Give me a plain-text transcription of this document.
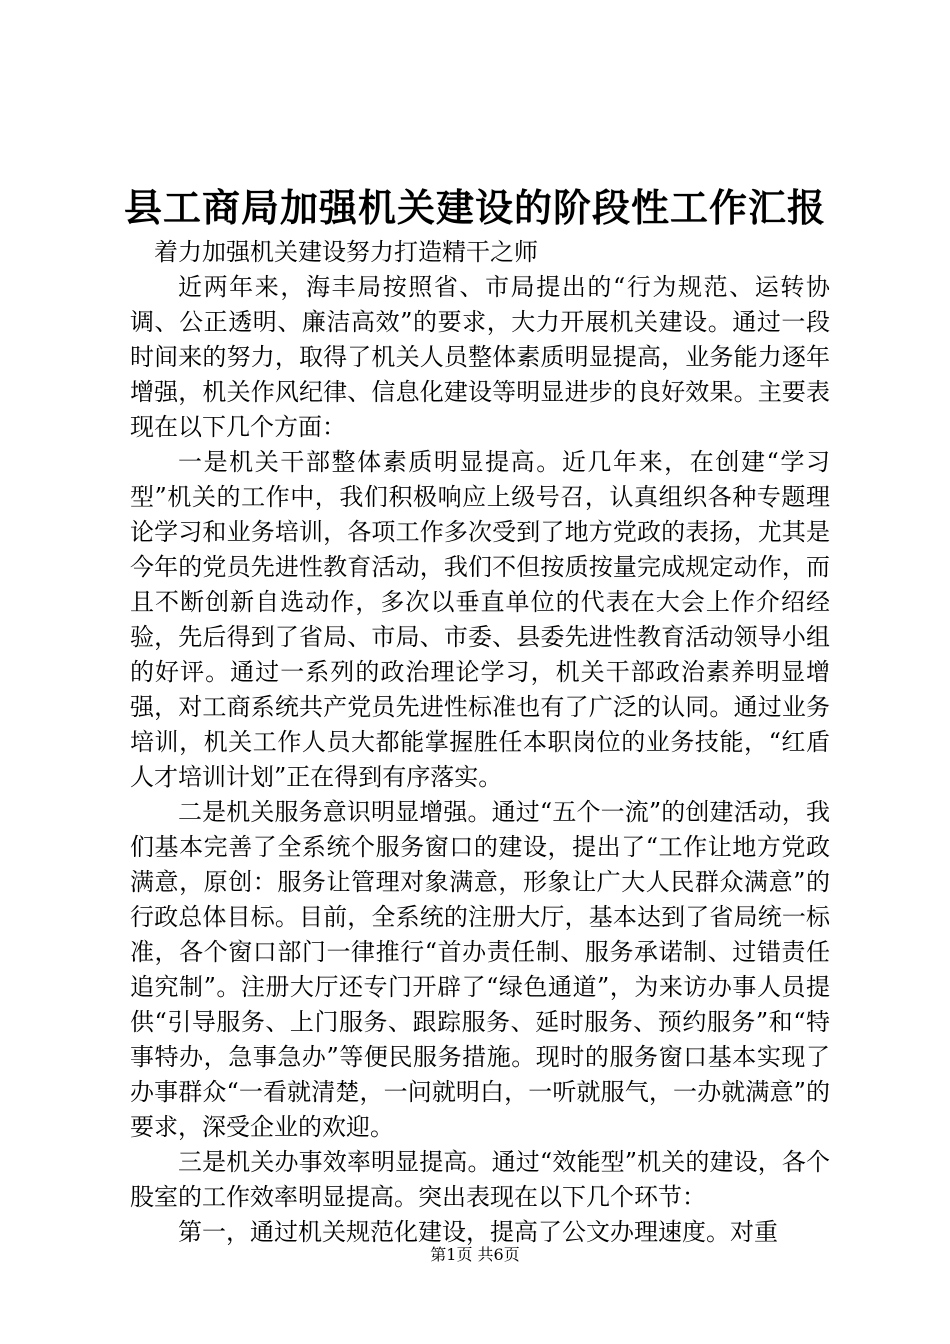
县工商局加强机关建设的阶段性工作汇报

着力加强机关建设努力打造精干之师

近两年来，海丰局按照省、市局提出的“行为规范、运转协调、公正透明、廉洁高效”的要求，大力开展机关建设。通过一段时间来的努力，取得了机关人员整体素质明显提高，业务能力逐年增强，机关作风纪律、信息化建设等明显进步的良好效果。主要表现在以下几个方面：

一是机关干部整体素质明显提高。近几年来，在创建“学习型”机关的工作中，我们积极响应上级号召，认真组织各种专题理论学习和业务培训，各项工作多次受到了地方党政的表扬，尤其是今年的党员先进性教育活动，我们不但按质按量完成规定动作，而且不断创新自选动作，多次以垂直单位的代表在大会上作介绍经验，先后得到了省局、市局、市委、县委先进性教育活动领导小组的好评。通过一系列的政治理论学习，机关干部政治素养明显增强，对工商系统共产党员先进性标准也有了广泛的认同。通过业务培训，机关工作人员大都能掌握胜任本职岗位的业务技能，“红盾人才培训计划”正在得到有序落实。

二是机关服务意识明显增强。通过“五个一流”的创建活动，我们基本完善了全系统个服务窗口的建设，提出了“工作让地方党政满意，原创：服务让管理对象满意，形象让广大人民群众满意”的行政总体目标。目前，全系统的注册大厅，基本达到了省局统一标准，各个窗口部门一律推行“首办责任制、服务承诺制、过错责任追究制”。注册大厅还专门开辟了“绿色通道”，为来访办事人员提供“引导服务、上门服务、跟踪服务、延时服务、预约服务”和“特事特办，急事急办”等便民服务措施。现时的服务窗口基本实现了办事群众“一看就清楚，一问就明白，一听就服气，一办就满意”的要求，深受企业的欢迎。

三是机关办事效率明显提高。通过“效能型”机关的建设，各个股室的工作效率明显提高。突出表现在以下几个环节：

第一，通过机关规范化建设，提高了公文办理速度。对重

第1页 共6页
